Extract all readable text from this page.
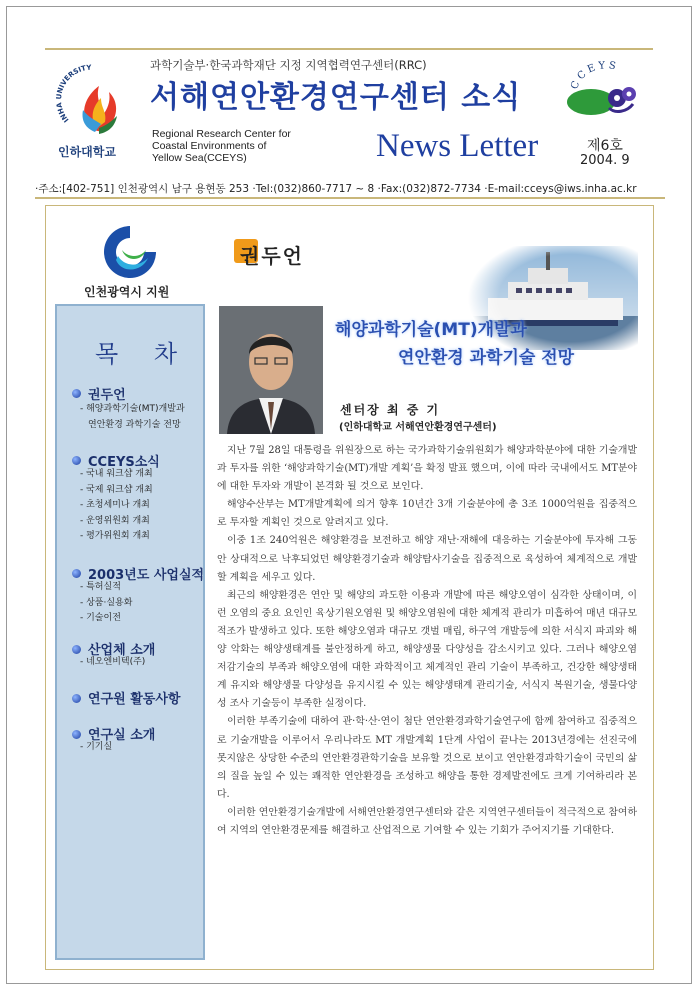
INHA UNIVERSITY
인하대학교
과학기술부·한국과학재단 지정 지역협력연구센터(RRC)
서해연안환경연구센터 소식
Regional Research Center for
Coastal Environments of
Yellow Sea(CCEYS)	News Letter	제6호
2004. 9
CCEYS
·주소:[402-751] 인천광역시 남구 용현동 253 ·Tel:(032)860-7717 ~ 8 ·Fax:(032)872-7734 ·E-mail:cceys@iws.inha.ac.kr
인천광역시 지원
목 차
권두언
- 해양과학기술(MT)개발과
연안환경 과학기술 전망
CCEYS소식
- 국내 워크샵 개최
- 국제 워크샵 개최
- 초청세미나 개최
- 운영위원회 개최
- 평가위원회 개최
2003년도 사업실적
- 특허실적
- 상품·실용화
- 기술이전
산업체 소개
- 네오엔비텍(주)
연구원 활동사항
연구실 소개
- 기기실
권두언
해양과학기술(MT)개발과
연안환경 과학기술 전망
센터장 최 중 기
(인하대학교 서해연안환경연구센터)

지난 7월 28일 대통령을 위원장으로 하는 국가과학기술위원회가 해양과학분야에 대한 기술개발과 투자를 위한 ‘해양과학기술(MT)개발 계획’을 확정 발표 했으며, 이에 따라 국내에서도 MT분야에 대한 투자와 개발이 본격화 될 것으로 보인다.

해양수산부는 MT개발계획에 의거 향후 10년간 3개 기술분야에 총 3조 1000억원을 집중적으로 투자할 계획인 것으로 알려지고 있다.

이중 1조 240억원은 해양환경을 보전하고 해양 재난·재해에 대응하는 기술분야에 투자해 그동안 상대적으로 낙후되었던 해양환경기술과 해양탐사기술을 집중적으로 육성하여 체계적으로 개발할 계획을 세우고 있다.

최근의 해양환경은 연안 및 해양의 과도한 이용과 개발에 따른 해양오염이 심각한 상태이며, 이런 오염의 중요 요인인 육상기원오염원 및 해양오염원에 대한 체계적 관리가 미흡하여 매년 대규모 적조가 발생하고 있다. 또한 해양오염과 대규모 갯벌 매립, 하구역 개발등에 의한 서식지 파괴와 해양 악화는 해양생태계를 불안정하게 하고, 해양생물 다양성을 감소시키고 있다. 그러나 해양오염 저감기술의 부족과 해양오염에 대한 과학적이고 체계적인 관리 기술이 부족하고, 건강한 해양생태계 유지와 해양생물 다양성을 유지시킬 수 있는 해양생태계 관리기술, 서식지 복원기술, 생물다양성 조사 기술등이 부족한 실정이다.

이러한 부족기술에 대하여 관·학·산·연이 첨단 연안환경과학기술연구에 함께 참여하고 집중적으로 기술개발을 이루어서 우리나라도 MT 개발계획 1단계 사업이 끝나는 2013년경에는 선진국에 못지않은 상당한 수준의 연안환경관학기술을 보유할 것으로 보이고 연안환경과학기술이 국민의 삶의 질을 높일 수 있는 쾌적한 연안환경을 조성하고 해양을 통한 경제발전에도 크게 기여하리라 본다.

이러한 연안환경기술개발에 서해연안환경연구센터와 같은 지역연구센터들이 적극적으로 참여하여 지역의 연안환경문제를 해결하고 산업적으로 기여할 수 있는 기회가 주어지기를 기대한다.
